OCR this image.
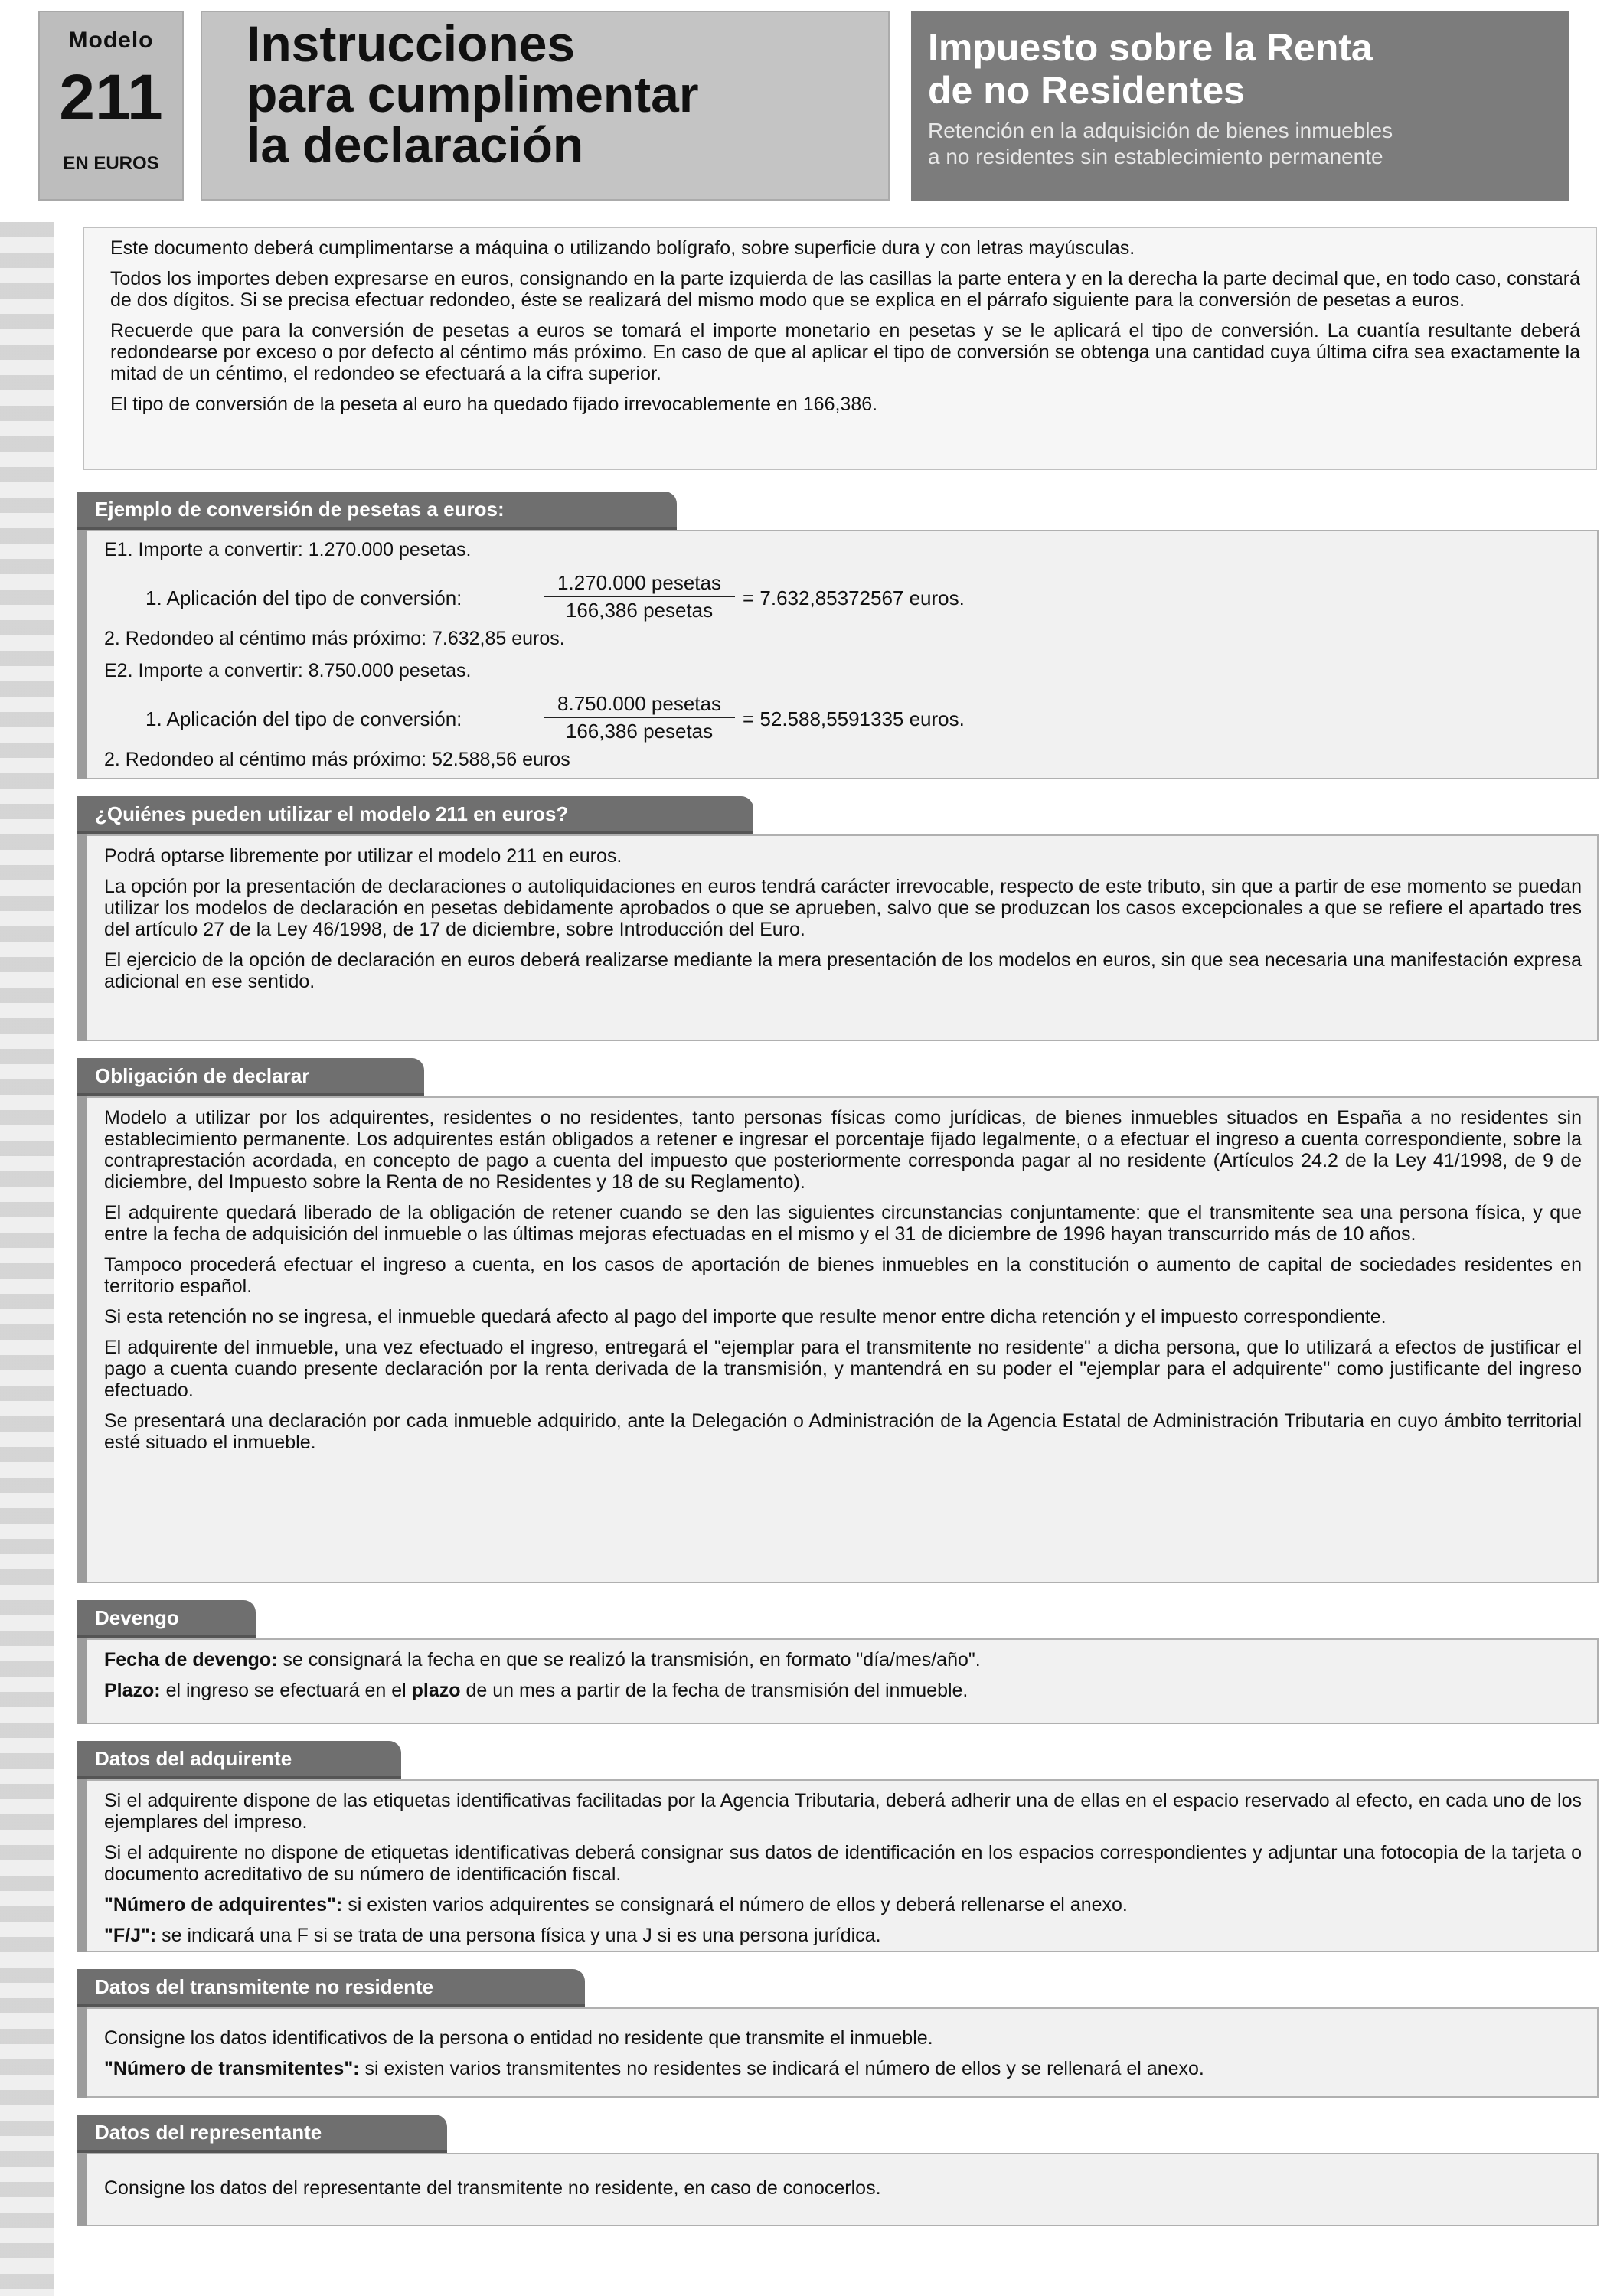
Modelo
211
EN EUROS
Instrucciones
para cumplimentar
la declaración
Impuesto sobre la Renta
de no Residentes
Retención en la adquisición de bienes inmuebles
a no residentes sin establecimiento permanente

Este documento deberá cumplimentarse a máquina o utilizando bolígrafo, sobre superficie dura y con letras mayúsculas.

Todos los importes deben expresarse en euros, consignando en la parte izquierda de las casillas la parte entera y en la derecha la parte decimal que, en todo caso, constará de dos dígitos. Si se precisa efectuar redondeo, éste se realizará del mismo modo que se explica en el párrafo siguiente para la conversión de pesetas a euros.

Recuerde que para la conversión de pesetas a euros se tomará el importe monetario en pesetas y se le aplicará el tipo de conversión. La cuantía resultante deberá redondearse por exceso o por defecto al céntimo más próximo. En caso de que al aplicar el tipo de conversión se obtenga una cantidad cuya última cifra sea exactamente la mitad de un céntimo, el redondeo se efectuará a la cifra superior.

El tipo de conversión de la peseta al euro ha quedado fijado irrevocablemente en 166,386.

Ejemplo de conversión de pesetas a euros:

E1. Importe a convertir: 1.270.000 pesetas.

1. Aplicación del tipo de conversión:
1.270.000 pesetas
166,386 pesetas
= 7.632,85372567 euros.

2. Redondeo al céntimo más próximo: 7.632,85 euros.

E2. Importe a convertir: 8.750.000 pesetas.

1. Aplicación del tipo de conversión:
8.750.000 pesetas
166,386 pesetas
= 52.588,5591335 euros.

2. Redondeo al céntimo más próximo: 52.588,56 euros

¿Quiénes pueden utilizar el modelo 211 en euros?

Podrá optarse libremente por utilizar el modelo 211 en euros.

La opción por la presentación de declaraciones o autoliquidaciones en euros tendrá carácter irrevocable, respecto de este tributo, sin que a partir de ese momento se puedan utilizar los modelos de declaración en pesetas debidamente aprobados o que se aprueben, salvo que se produzcan los casos excepcionales a que se refiere el apartado tres del artículo 27 de la Ley 46/1998, de 17 de diciembre, sobre Introducción del Euro.

El ejercicio de la opción de declaración en euros deberá realizarse mediante la mera presentación de los modelos en euros, sin que sea necesaria una manifestación expresa adicional en ese sentido.

Obligación de declarar

Modelo a utilizar por los adquirentes, residentes o no residentes, tanto personas físicas como jurídicas, de bienes inmuebles situados en España a no residentes sin establecimiento permanente. Los adquirentes están obligados a retener e ingresar el porcentaje fijado legalmente, o a efectuar el ingreso a cuenta correspondiente, sobre la contraprestación acordada, en concepto de pago a cuenta del impuesto que posteriormente corresponda pagar al no residente (Artículos 24.2 de la Ley 41/1998, de 9 de diciembre, del Impuesto sobre la Renta de no Residentes y 18 de su Reglamento).

El adquirente quedará liberado de la obligación de retener cuando se den las siguientes circunstancias conjuntamente: que el transmitente sea una persona física, y que entre la fecha de adquisición del inmueble o las últimas mejoras efectuadas en el mismo y el 31 de diciembre de 1996 hayan transcurrido más de 10 años.

Tampoco procederá efectuar el ingreso a cuenta, en los casos de aportación de bienes inmuebles en la constitución o aumento de capital de sociedades residentes en territorio español.

Si esta retención no se ingresa, el inmueble quedará afecto al pago del importe que resulte menor entre dicha retención y el impuesto correspondiente.

El adquirente del inmueble, una vez efectuado el ingreso, entregará el "ejemplar para el transmitente no residente" a dicha persona, que lo utilizará a efectos de justificar el pago a cuenta cuando presente declaración por la renta derivada de la transmisión, y mantendrá en su poder el "ejemplar para el adquirente" como justificante del ingreso efectuado.

Se presentará una declaración por cada inmueble adquirido, ante la Delegación o Administración de la Agencia Estatal de Administración Tributaria en cuyo ámbito territorial esté situado el inmueble.

Devengo

Fecha de devengo: se consignará la fecha en que se realizó la transmisión, en formato "día/mes/año".

Plazo: el ingreso se efectuará en el plazo de un mes a partir de la fecha de transmisión del inmueble.

Datos del adquirente

Si el adquirente dispone de las etiquetas identificativas facilitadas por la Agencia Tributaria, deberá adherir una de ellas en el espacio reservado al efecto, en cada uno de los ejemplares del impreso.

Si el adquirente no dispone de etiquetas identificativas deberá consignar sus datos de identificación en los espacios correspondientes y adjuntar una fotocopia de la tarjeta o documento acreditativo de su número de identificación fiscal.

"Número de adquirentes": si existen varios adquirentes se consignará el número de ellos y deberá rellenarse el anexo.

"F/J": se indicará una F si se trata de una persona física y una J si es una persona jurídica.

Datos del transmitente no residente

Consigne los datos identificativos de la persona o entidad no residente que transmite el inmueble.

"Número de transmitentes": si existen varios transmitentes no residentes se indicará el número de ellos y se rellenará el anexo.

Datos del representante

Consigne los datos del representante del transmitente no residente, en caso de conocerlos.
